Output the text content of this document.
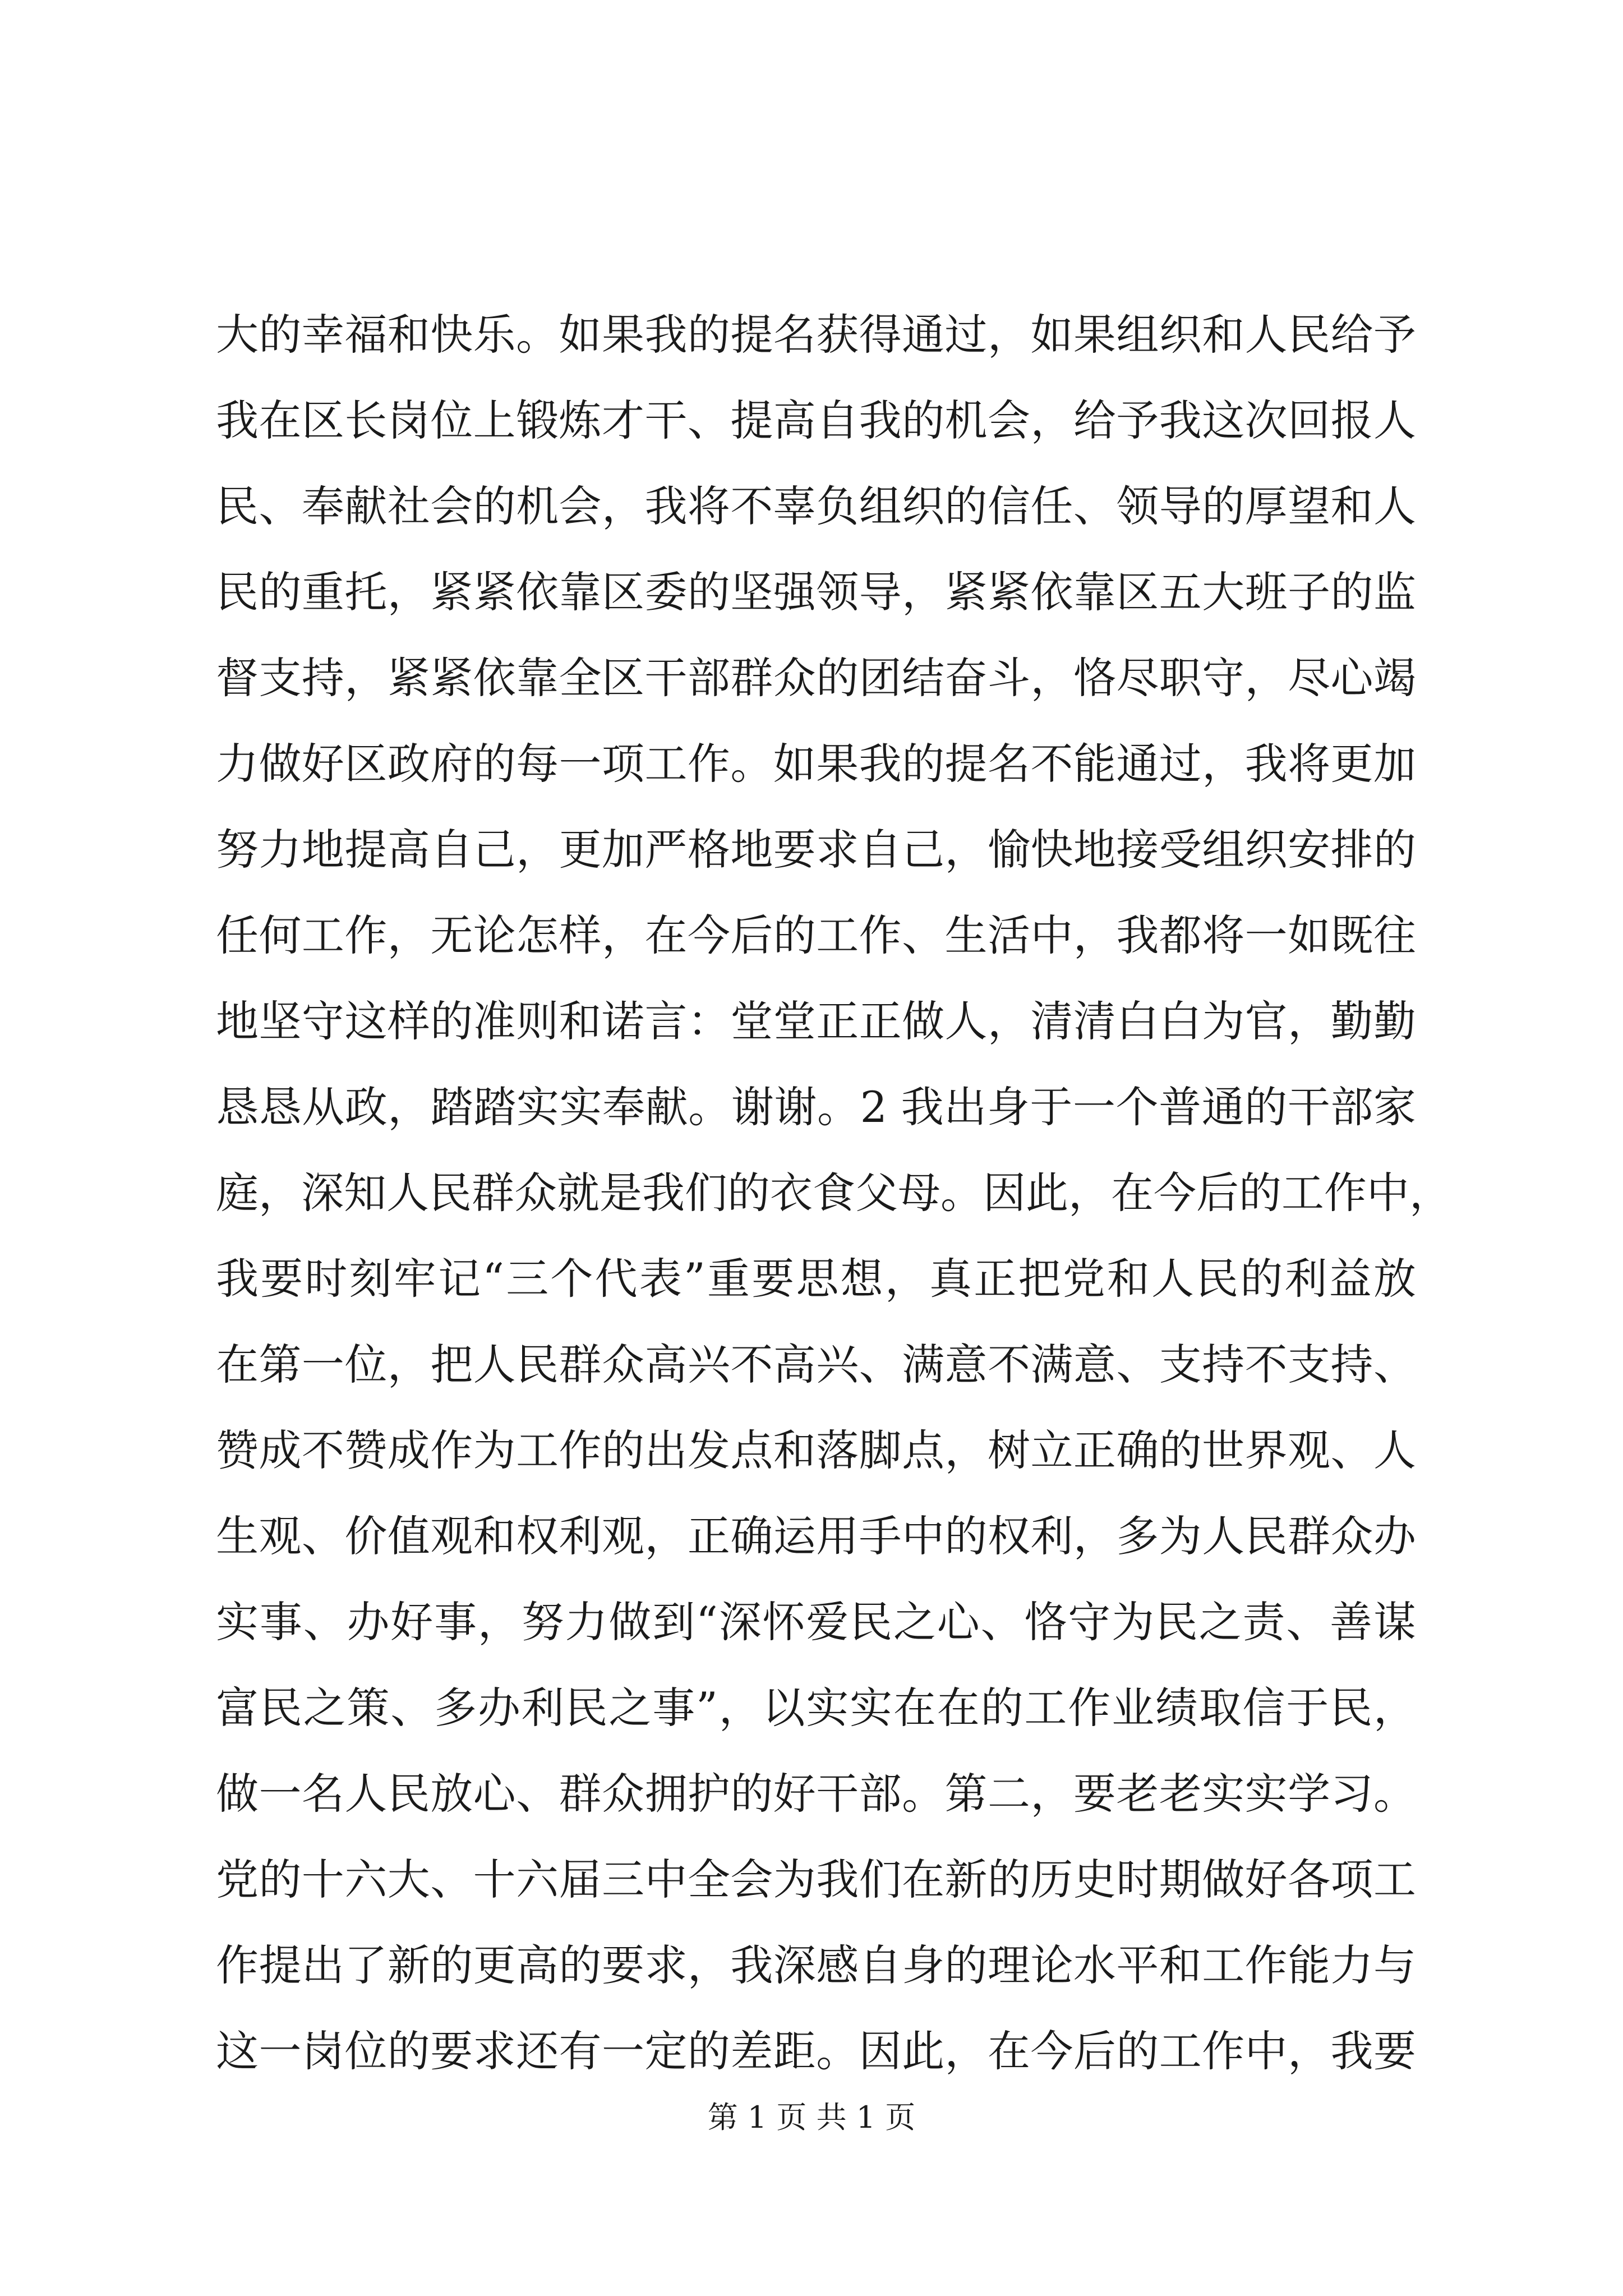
大的幸福和快乐。如果我的提名获得通过，如果组织和人民给予
我在区长岗位上锻炼才干、提高自我的机会，给予我这次回报人
民、奉献社会的机会，我将不辜负组织的信任、领导的厚望和人
民的重托，紧紧依靠区委的坚强领导，紧紧依靠区五大班子的监
督支持，紧紧依靠全区干部群众的团结奋斗，恪尽职守，尽心竭
力做好区政府的每一项工作。如果我的提名不能通过，我将更加
努力地提高自己，更加严格地要求自己，愉快地接受组织安排的
任何工作，无论怎样，在今后的工作、生活中，我都将一如既往
地坚守这样的准则和诺言：堂堂正正做人，清清白白为官，勤勤
恳恳从政，踏踏实实奉献。谢谢。2 我出身于一个普通的干部家
庭，深知人民群众就是我们的衣食父母。因此，在今后的工作中，
我要时刻牢记“三个代表”重要思想，真正把党和人民的利益放
在第一位，把人民群众高兴不高兴、满意不满意、支持不支持、
赞成不赞成作为工作的出发点和落脚点，树立正确的世界观、人
生观、价值观和权利观，正确运用手中的权利，多为人民群众办
实事、办好事，努力做到“深怀爱民之心、恪守为民之责、善谋
富民之策、多办利民之事”，以实实在在的工作业绩取信于民，
做一名人民放心、群众拥护的好干部。第二，要老老实实学习。
党的十六大、十六届三中全会为我们在新的历史时期做好各项工
作提出了新的更高的要求，我深感自身的理论水平和工作能力与
这一岗位的要求还有一定的差距。因此，在今后的工作中，我要
第 1 页 共 1 页
